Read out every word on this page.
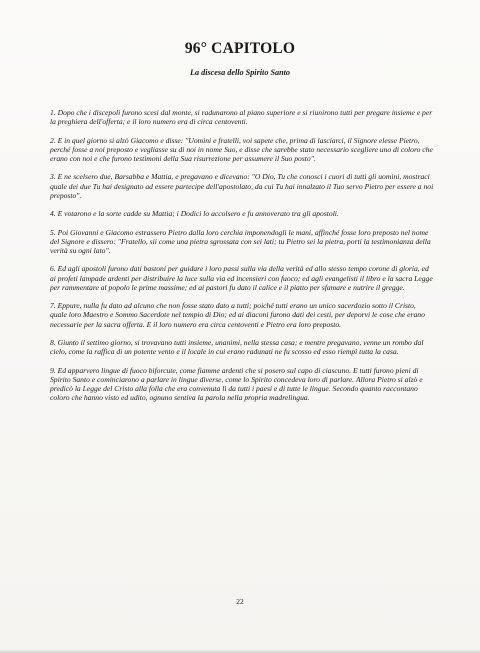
96° CAPITOLO
La discesa dello Spirito Santo

1. Dopo che i discepoli furono scesi dal monte, si radunarono al piano superiore e si riunirono tutti per pregare insieme e per la preghiera dell'offerta; e il loro numero era di circa centoventi.

2. E in quel giorno si alzò Giacomo e disse: "Uomini e fratelli, voi sapete che, prima di lasciarci, il Signore elesse Pietro, perché fosse a noi preposto e vegliasse su di noi in nome Suo, e disse che sarebbe stato necessario scegliere uno di coloro che erano con noi e che furono testimoni della Sua risurrezione per assumere il Suo posto".

3. E ne scelsero due, Barsabba e Mattia, e pregavano e dicevano: "O Dio, Tu che conosci i cuori di tutti gli uomini, mostraci quale dei due Tu hai designato ad essere partecipe dell'apostolato, da cui Tu hai innalzato il Tuo servo Pietro per essere a noi preposto".

4. E votarono e la sorte cadde su Mattia; i Dodici lo accolsero e fu annoverato tra gli apostoli.

5. Poi Giovanni e Giacomo estrassero Pietro dalla loro cerchia imponendogli le mani, affinché fosse loro preposto nel nome del Signore e dissero: "Fratello, sii come una pietra sgrossata con sei lati; tu Pietro sei la pietra, porti la testimonianza della verità su ogni lato".

6. Ed agli apostoli furono dati bastoni per guidare i loro passi sulla via della verità ed allo stesso tempo corone di gloria, ed ai profeti lampade ardenti per distribuire la luce sulla via ed incensieri con fuoco; ed agli evangelisti il libro e la sacra Legge per rammentare al popolo le prime massime; ed ai pastori fu dato il calice e il piatto per sfamare e nutrire il gregge.

7. Eppure, nulla fu dato ad alcuno che non fosse stato dato a tutti; poiché tutti erano un unico sacerdozio sotto il Cristo, quale loro Maestro e Sommo Sacerdote nel tempio di Dio; ed ai diaconi furono dati dei cesti, per deporvi le cose che erano necessarie per la sacra offerta. E il loro numero era circa centoventi e Pietro era loro preposto.

8. Giunto il settimo giorno, si trovavano tutti insieme, unanimi, nella stessa casa; e mentre pregavano, venne un rombo dal cielo, come la raffica di un potente vento e il locale in cui erano radunati ne fu scosso ed esso riempì tutta la casa.

9. Ed apparvero lingue di fuoco biforcute, come fiamme ardenti che si posero sul capo di ciascuno. E tutti furono pieni di Spirito Santo e cominciarono a parlare in lingue diverse, come lo Spirito concedeva loro di parlare. Allora Pietro si alzò e predicò la Legge del Cristo alla folla che era convenuta lì da tutti i paesi e di tutte le lingue. Secondo quanto raccontano coloro che hanno visto ed udito, ognuno sentiva la parola nella propria madrelingua.

22
